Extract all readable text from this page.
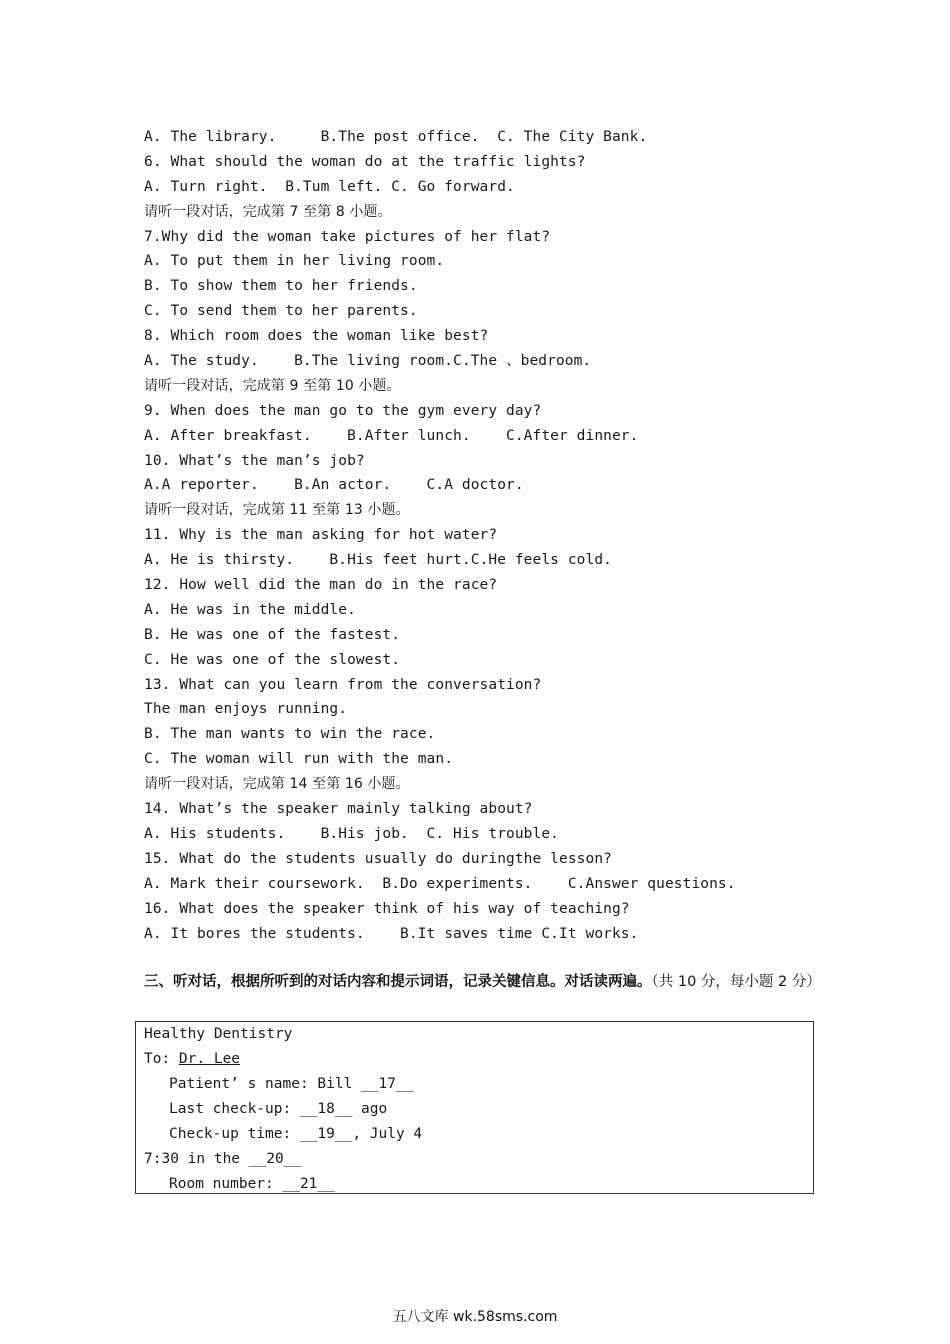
A. The library.     B.The post office.  C. The City Bank.
6. What should the woman do at the traffic lights?
A. Turn right.  B.Tum left. C. Go forward.
请听一段对话，完成第 7 至第 8 小题。
7.Why did the woman take pictures of her flat?
A. To put them in her living room.
B. To show them to her friends.
C. To send them to her parents.
8. Which room does the woman like best?
A. The study.    B.The living room.C.The 、bedroom.
请听一段对话，完成第 9 至第 10 小题。
9. When does the man go to the gym every day?
A. After breakfast.    B.After lunch.    C.After dinner.
10. What’s the man’s job?
A.A reporter.    B.An actor.    C.A doctor.
请听一段对话，完成第 11 至第 13 小题。
11. Why is the man asking for hot water?
A. He is thirsty.    B.His feet hurt.C.He feels cold.
12. How well did the man do in the race?
A. He was in the middle.
B. He was one of the fastest.
C. He was one of the slowest.
13. What can you learn from the conversation?
The man enjoys running.
B. The man wants to win the race.
C. The woman will run with the man.
请听一段对话，完成第 14 至第 16 小题。
14. What’s the speaker mainly talking about?
A. His students.    B.His job.  C. His trouble.
15. What do the students usually do duringthe lesson?
A. Mark their coursework.  B.Do experiments.    C.Answer questions.
16. What does the speaker think of his way of teaching?
A. It bores the students.    B.It saves time C.It works.
三、听对话，根据所听到的对话内容和提示词语，记录关键信息。对话读两遍。（共 10 分，每小题 2 分）
Healthy Dentistry
To: Dr. Lee
Patient’ s name: Bill __17__
Last check-up: __18__ ago
Check-up time: __19__, July 4
7:30 in the __20__
Room number: __21__
五八文库 wk.58sms.com
